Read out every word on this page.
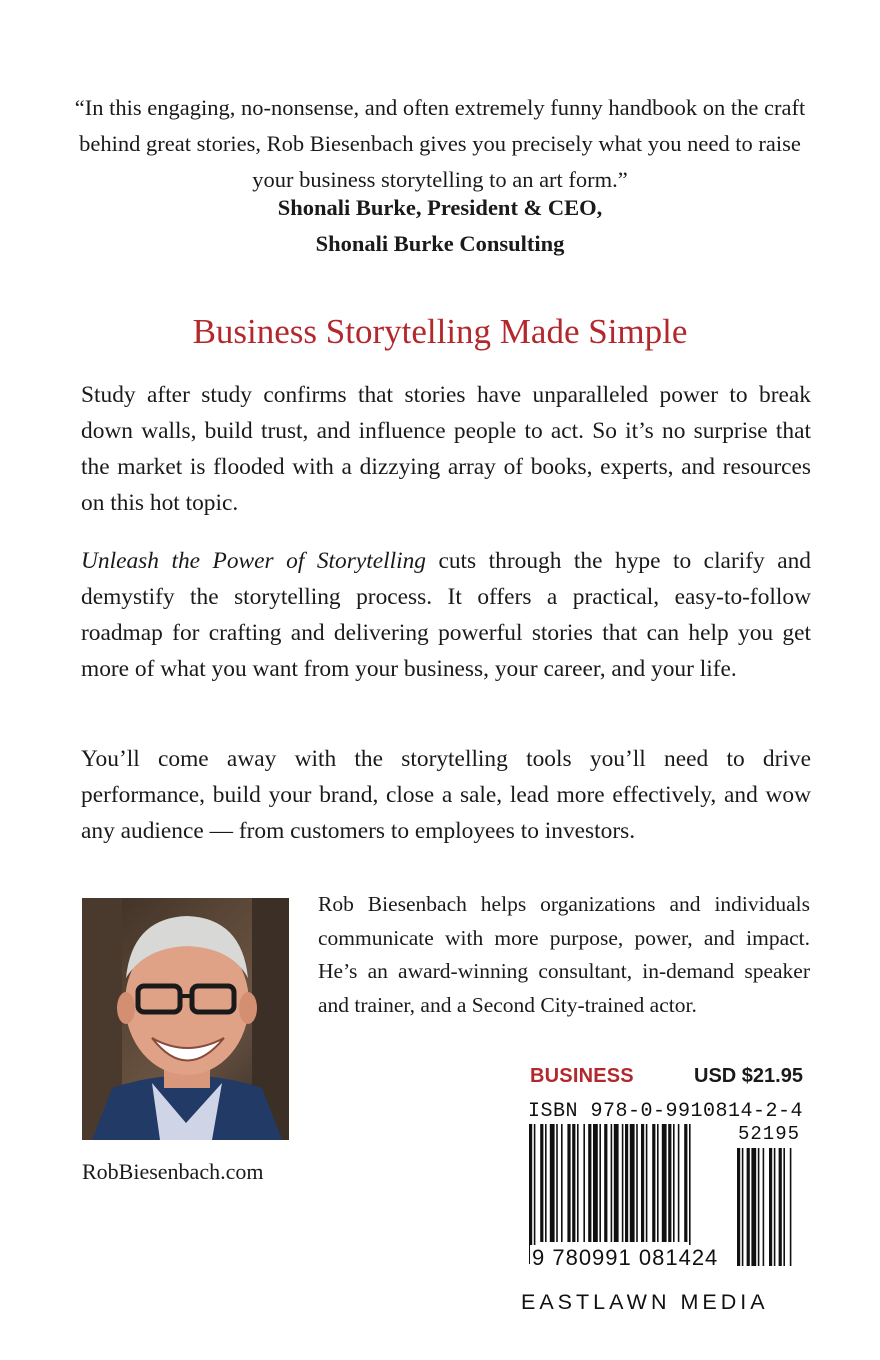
“In this engaging, no-nonsense, and often extremely funny handbook on the craft behind great stories, Rob Biesenbach gives you precisely what you need to raise your business storytelling to an art form.”
Shonali Burke, President & CEO,
Shonali Burke Consulting
Business Storytelling Made Simple

Study after study confirms that stories have unparalleled power to break down walls, build trust, and influence people to act. So it’s no surprise that the market is flooded with a dizzying array of books, experts, and resources on this hot topic.

Unleash the Power of Storytelling cuts through the hype to clarify and demystify the storytelling process. It offers a practical, easy-to-follow roadmap for crafting and delivering powerful stories that can help you get more of what you want from your business, your career, and your life.

You’ll come away with the storytelling tools you’ll need to drive performance, build your brand, close a sale, lead more effectively, and wow any audience — from customers to employees to investors.

RobBiesenbach.com

Rob Biesenbach helps organizations and individuals communicate with more purpose, power, and impact. He’s an award-winning consultant, in-demand speaker and trainer, and a Second City-trained actor.

BUSINESS	USD $21.95
ISBN 978-0-9910814-2-4
52195
9 780991 081424
EASTLAWN MEDIA
